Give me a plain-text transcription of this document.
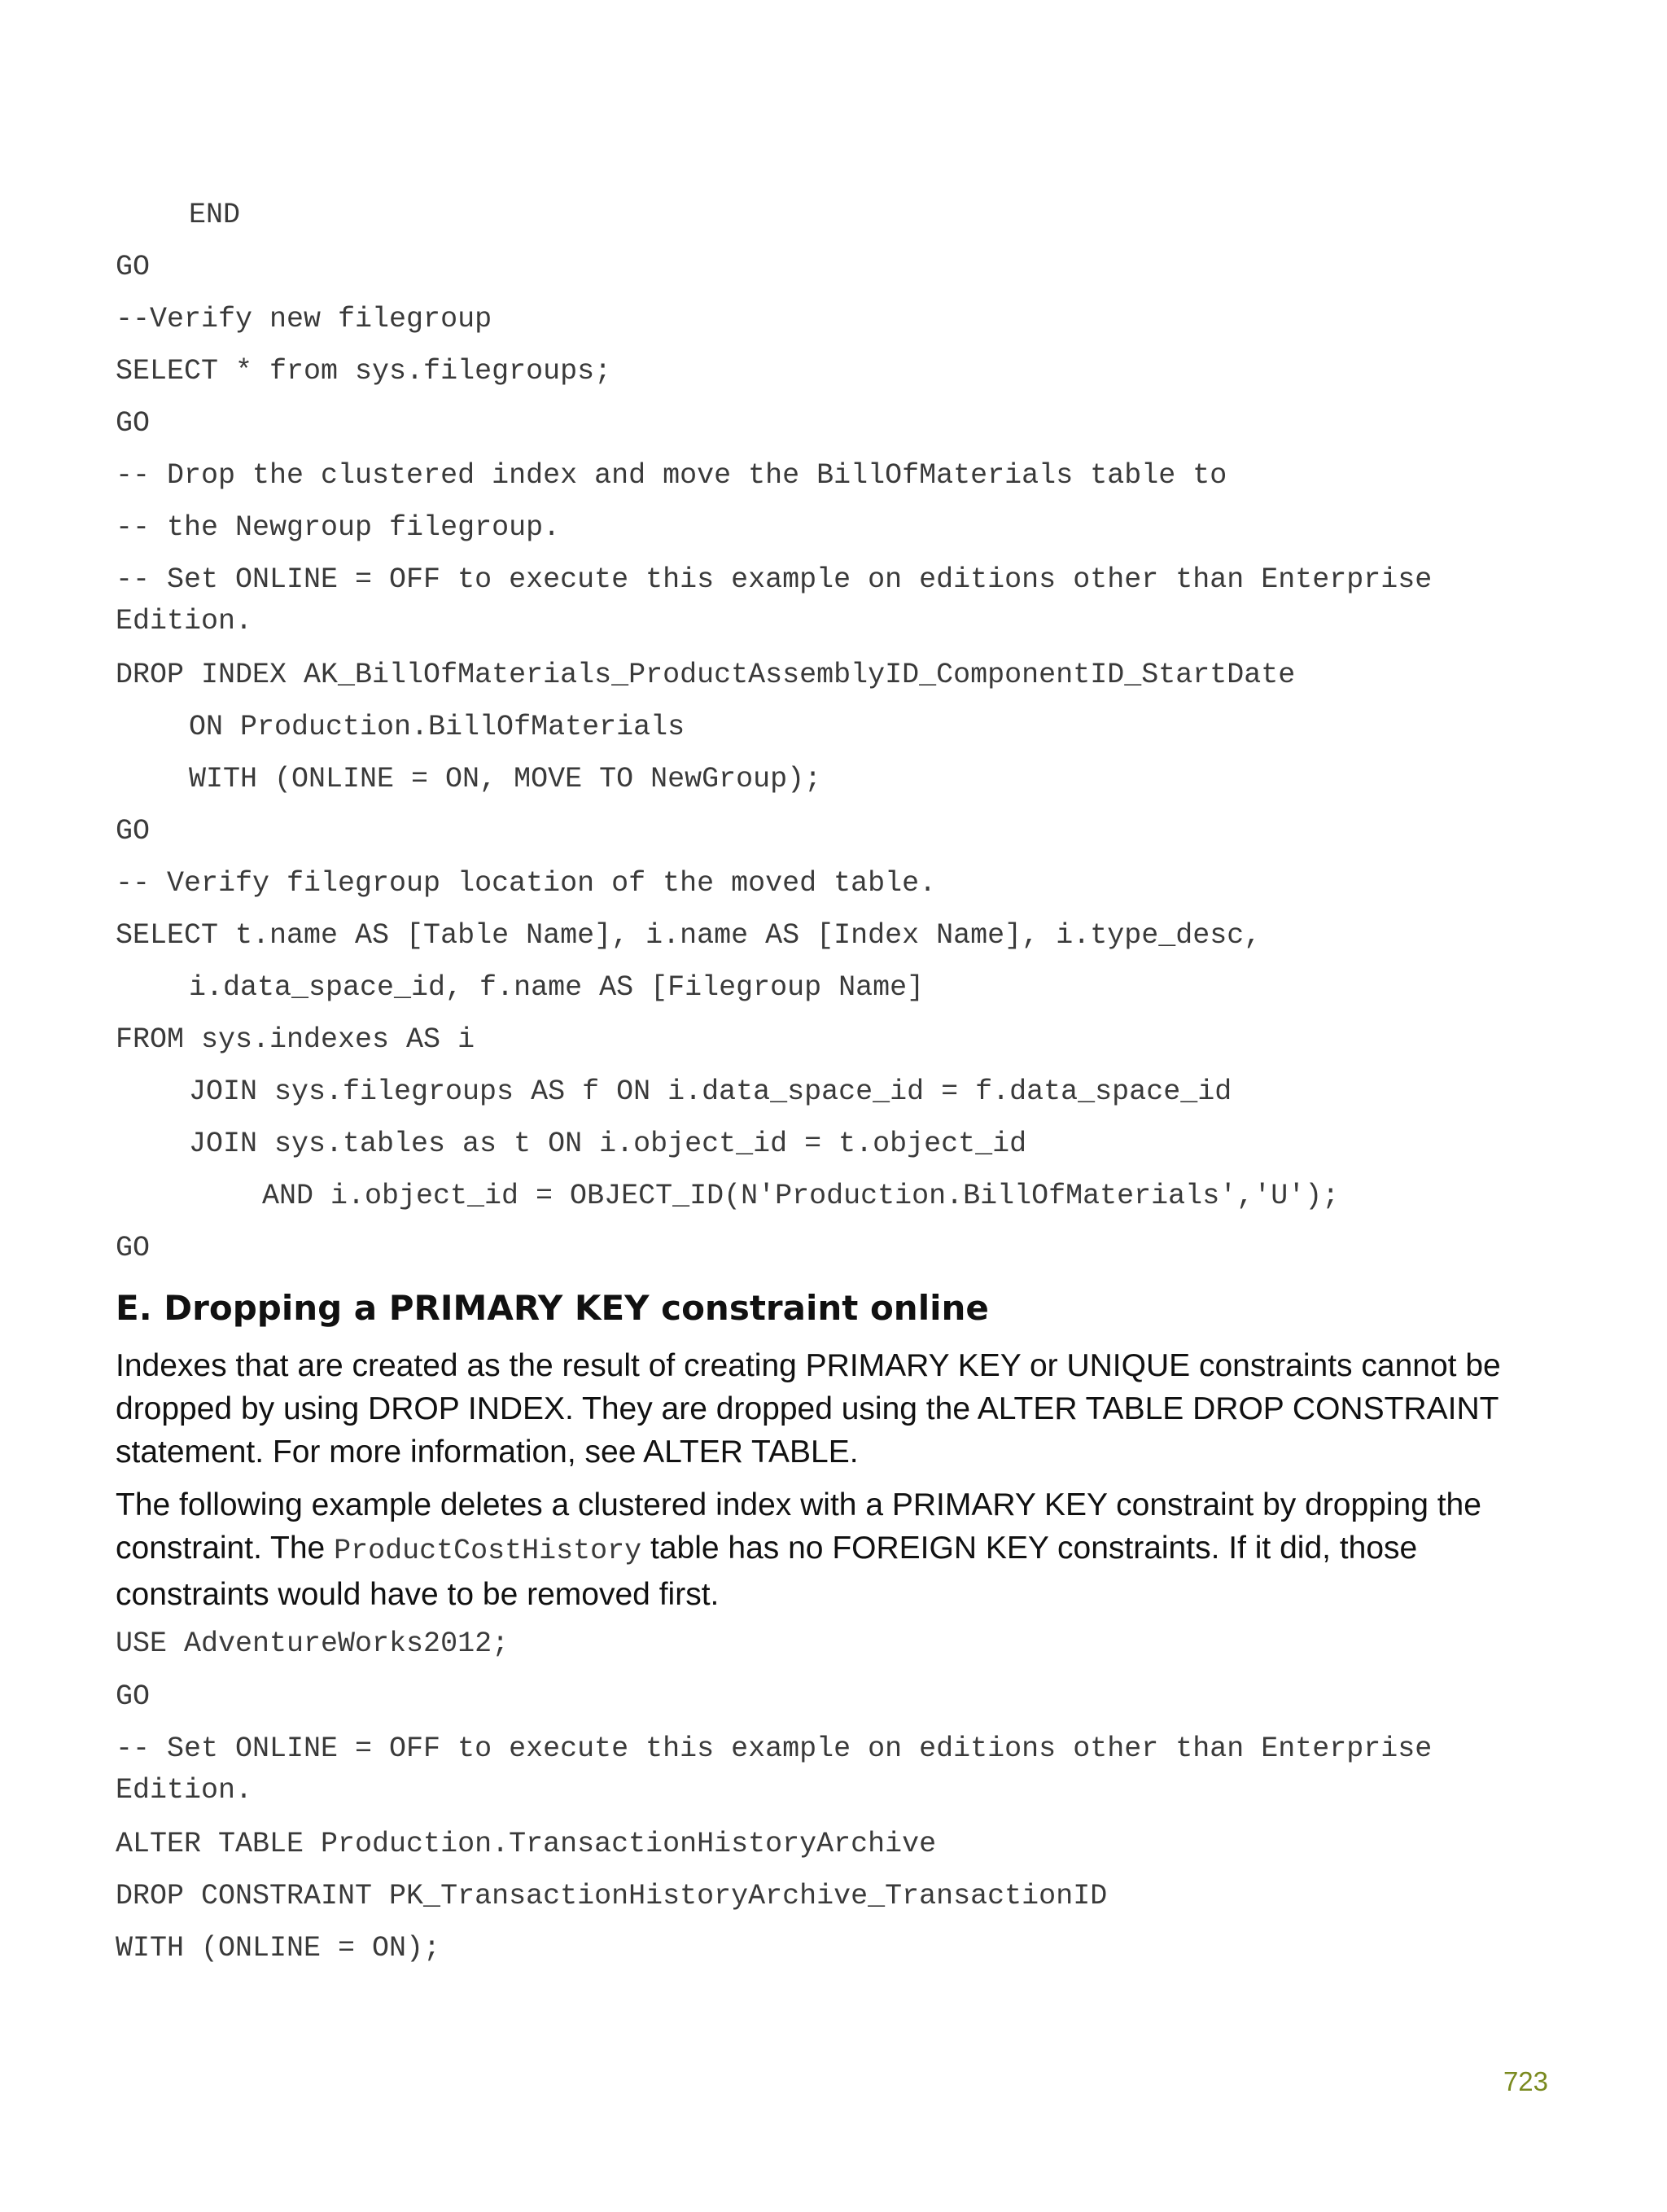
END
GO
--Verify new filegroup
SELECT * from sys.filegroups;
GO
-- Drop the clustered index and move the BillOfMaterials table to
-- the Newgroup filegroup.
-- Set ONLINE = OFF to execute this example on editions other than Enterprise
Edition.
DROP INDEX AK_BillOfMaterials_ProductAssemblyID_ComponentID_StartDate
ON Production.BillOfMaterials
WITH (ONLINE = ON, MOVE TO NewGroup);
GO
-- Verify filegroup location of the moved table.
SELECT t.name AS [Table Name], i.name AS [Index Name], i.type_desc,
i.data_space_id, f.name AS [Filegroup Name]
FROM sys.indexes AS i
JOIN sys.filegroups AS f ON i.data_space_id = f.data_space_id
JOIN sys.tables as t ON i.object_id = t.object_id
AND i.object_id = OBJECT_ID(N'Production.BillOfMaterials','U');
GO
E. Dropping a PRIMARY KEY constraint online
Indexes that are created as the result of creating PRIMARY KEY or UNIQUE constraints cannot be dropped by using DROP INDEX. They are dropped using the ALTER TABLE DROP CONSTRAINT statement. For more information, see ALTER TABLE.
The following example deletes a clustered index with a PRIMARY KEY constraint by dropping the constraint. The ProductCostHistory table has no FOREIGN KEY constraints. If it did, those constraints would have to be removed first.
USE AdventureWorks2012;
GO
-- Set ONLINE = OFF to execute this example on editions other than Enterprise
Edition.
ALTER TABLE Production.TransactionHistoryArchive
DROP CONSTRAINT PK_TransactionHistoryArchive_TransactionID
WITH (ONLINE = ON);
723
